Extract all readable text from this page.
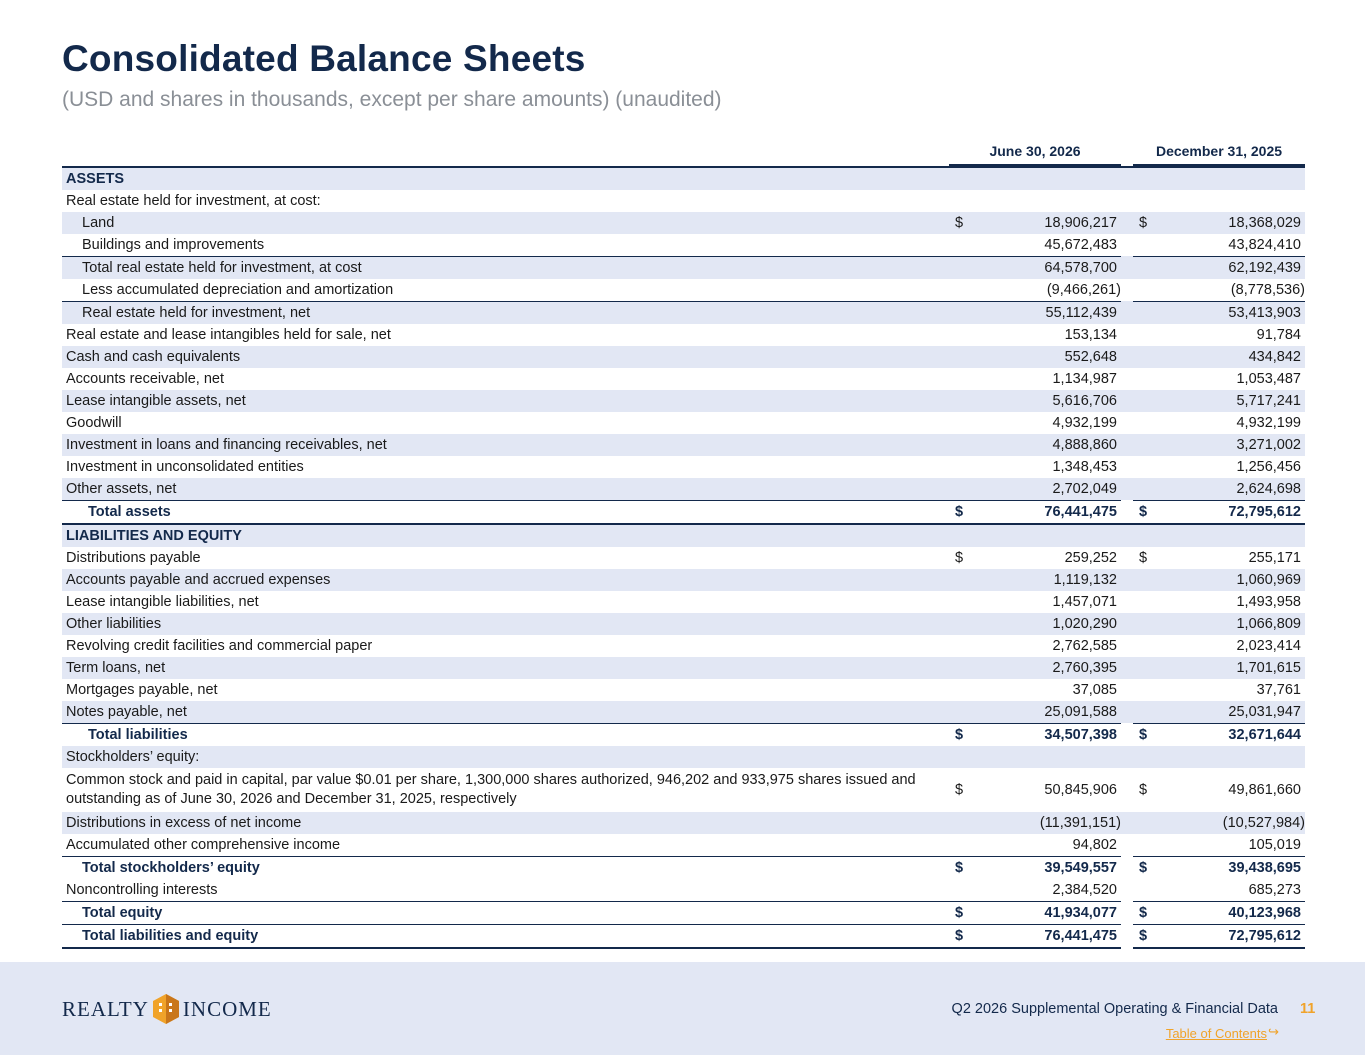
Consolidated Balance Sheets

(USD and shares in thousands, except per share amounts) (unaudited)

	June 30, 2026			December 31, 2025	
ASSETS					
Real estate held for investment, at cost:					
Land	$	18,906,217		$	18,368,029
Buildings and improvements		45,672,483			43,824,410
Total real estate held for investment, at cost		64,578,700			62,192,439
Less accumulated depreciation and amortization		(9,466,261)			(8,778,536)
Real estate held for investment, net		55,112,439			53,413,903
Real estate and lease intangibles held for sale, net		153,134			91,784
Cash and cash equivalents		552,648			434,842
Accounts receivable, net		1,134,987			1,053,487
Lease intangible assets, net		5,616,706			5,717,241
Goodwill		4,932,199			4,932,199
Investment in loans and financing receivables, net		4,888,860			3,271,002
Investment in unconsolidated entities		1,348,453			1,256,456
Other assets, net		2,702,049			2,624,698
Total assets	$	76,441,475		$	72,795,612
LIABILITIES AND EQUITY					
Distributions payable	$	259,252		$	255,171
Accounts payable and accrued expenses		1,119,132			1,060,969
Lease intangible liabilities, net		1,457,071			1,493,958
Other liabilities		1,020,290			1,066,809
Revolving credit facilities and commercial paper		2,762,585			2,023,414
Term loans, net		2,760,395			1,701,615
Mortgages payable, net		37,085			37,761
Notes payable, net		25,091,588			25,031,947
Total liabilities	$	34,507,398		$	32,671,644
Stockholders’ equity:					
Common stock and paid in capital, par value $0.01 per share, 1,300,000 shares authorized, 946,202 and 933,975 shares issued and outstanding as of June 30, 2026 and December 31, 2025, respectively	$	50,845,906		$	49,861,660
Distributions in excess of net income		(11,391,151)			(10,527,984)
Accumulated other comprehensive income		94,802			105,019
Total stockholders’ equity	$	39,549,557		$	39,438,695
Noncontrolling interests		2,384,520			685,273
Total equity	$	41,934,077		$	40,123,968
Total liabilities and equity	$	76,441,475		$	72,795,612
REALTY INCOME	Q2 2026 Supplemental Operating & Financial Data 11
Table of Contents ↪
